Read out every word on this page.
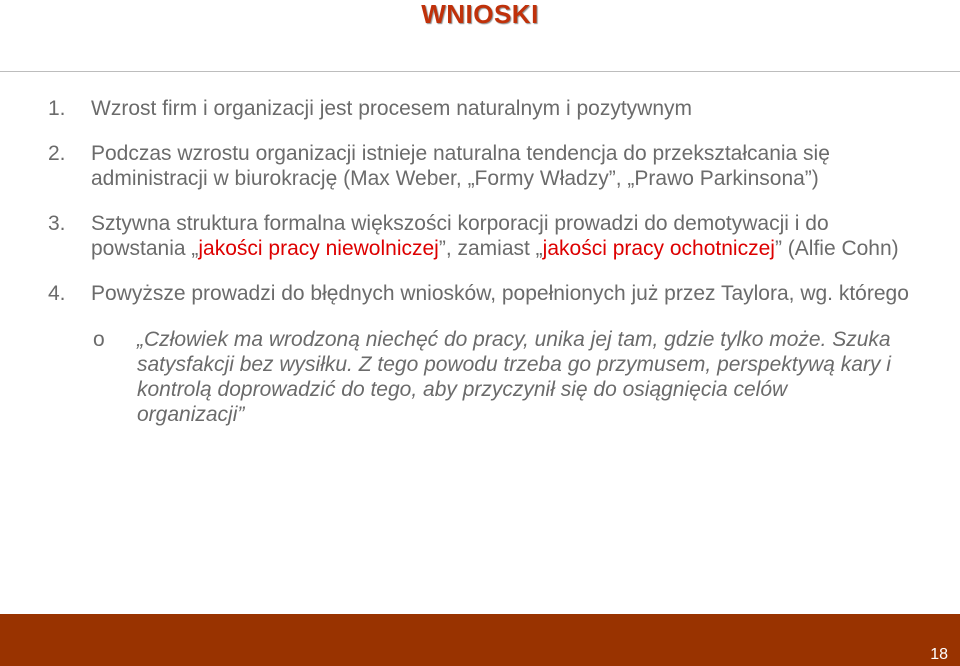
WNIOSKI
1. Wzrost firm i organizacji jest procesem naturalnym i pozytywnym
2. Podczas wzrostu organizacji istnieje naturalna tendencja do przekształcania się administracji w biurokrację (Max Weber, „Formy Władzy”, „Prawo Parkinsona”)
3. Sztywna struktura formalna większości korporacji prowadzi do demotywacji i do powstania „jakości pracy niewolniczej”, zamiast „jakości pracy ochotniczej” (Alfie Cohn)
4. Powyższe prowadzi do błędnych wniosków, popełnionych już przez Taylora, wg. którego
o „Człowiek ma wrodzoną niechęć do pracy, unika jej tam, gdzie tylko może. Szuka satysfakcji bez wysiłku. Z tego powodu trzeba go przymusem, perspektywą kary i kontrolą doprowadzić do tego, aby przyczynił się do osiągnięcia celów organizacji”
18
